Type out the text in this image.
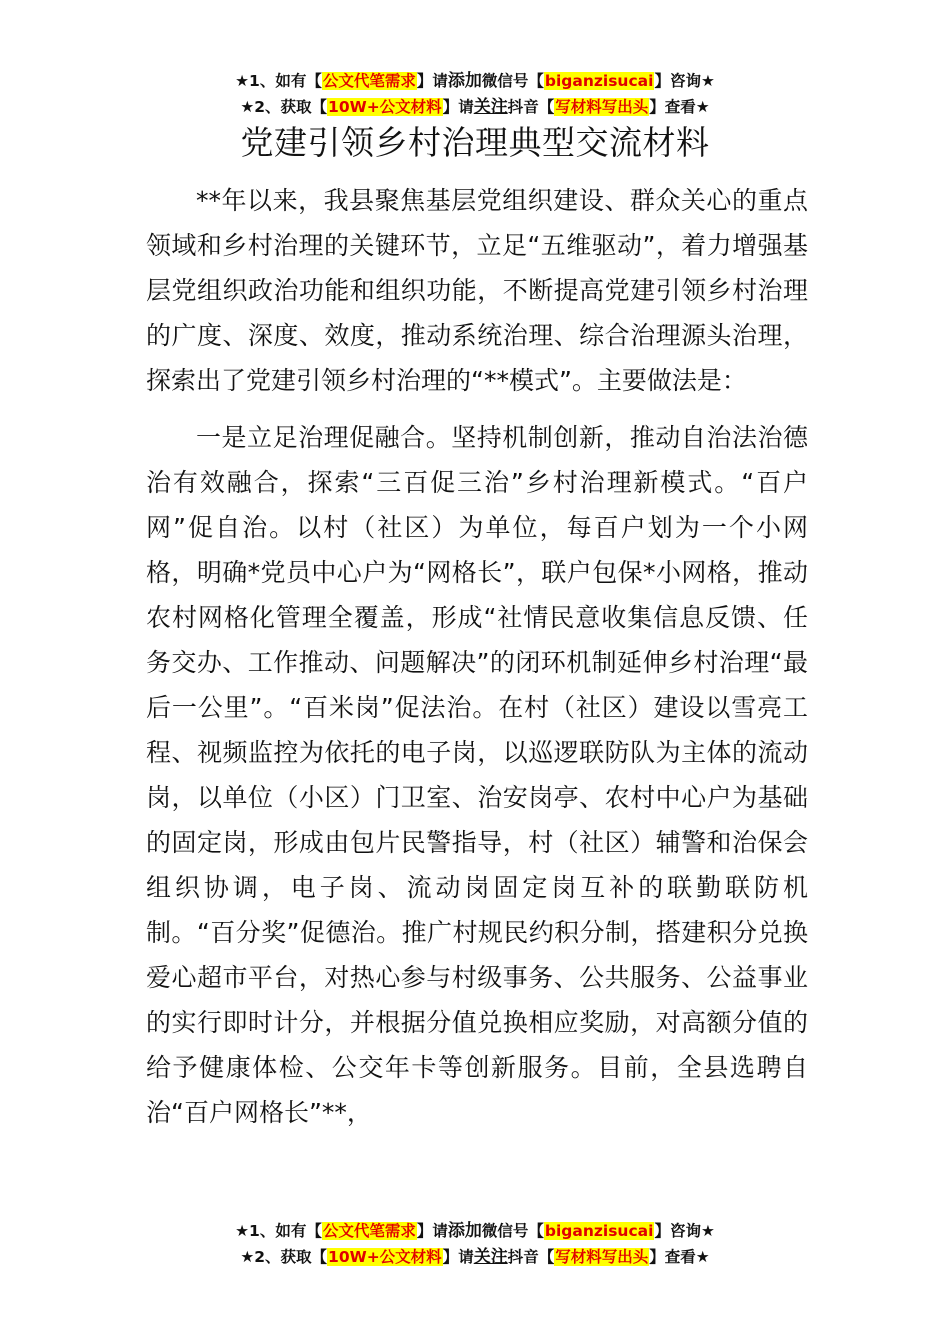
★1、如有【公文代笔需求】请添加微信号【biganzisucai】咨询★
★2、获取【10W+公文材料】请关注抖音【写材料写出头】查看★
党建引领乡村治理典型交流材料

**年以来，我县聚焦基层党组织建设、群众关心的重点领域和乡村治理的关键环节，立足“五维驱动”，着力增强基层党组织政治功能和组织功能，不断提高党建引领乡村治理的广度、深度、效度，推动系统治理、综合治理源头治理，探索出了党建引领乡村治理的“**模式”。主要做法是：

一是立足治理促融合。坚持机制创新，推动自治法治德治有效融合，探索“三百促三治”乡村治理新模式。“百户网”促自治。以村（社区）为单位，每百户划为一个小网格，明确*党员中心户为“网格长”，联户包保*小网格，推动农村网格化管理全覆盖，形成“社情民意收集信息反馈、任务交办、工作推动、问题解决”的闭环机制延伸乡村治理“最后一公里”。“百米岗”促法治。在村（社区）建设以雪亮工程、视频监控为依托的电子岗，以巡逻联防队为主体的流动岗，以单位（小区）门卫室、治安岗亭、农村中心户为基础的固定岗，形成由包片民警指导，村（社区）辅警和治保会组织协调，电子岗、流动岗固定岗互补的联勤联防机制。“百分奖”促德治。推广村规民约积分制，搭建积分兑换爱心超市平台，对热心参与村级事务、公共服务、公益事业的实行即时计分，并根据分值兑换相应奖励，对高额分值的给予健康体检、公交年卡等创新服务。目前，全县选聘自治“百户网格长”**，

★1、如有【公文代笔需求】请添加微信号【biganzisucai】咨询★
★2、获取【10W+公文材料】请关注抖音【写材料写出头】查看★
